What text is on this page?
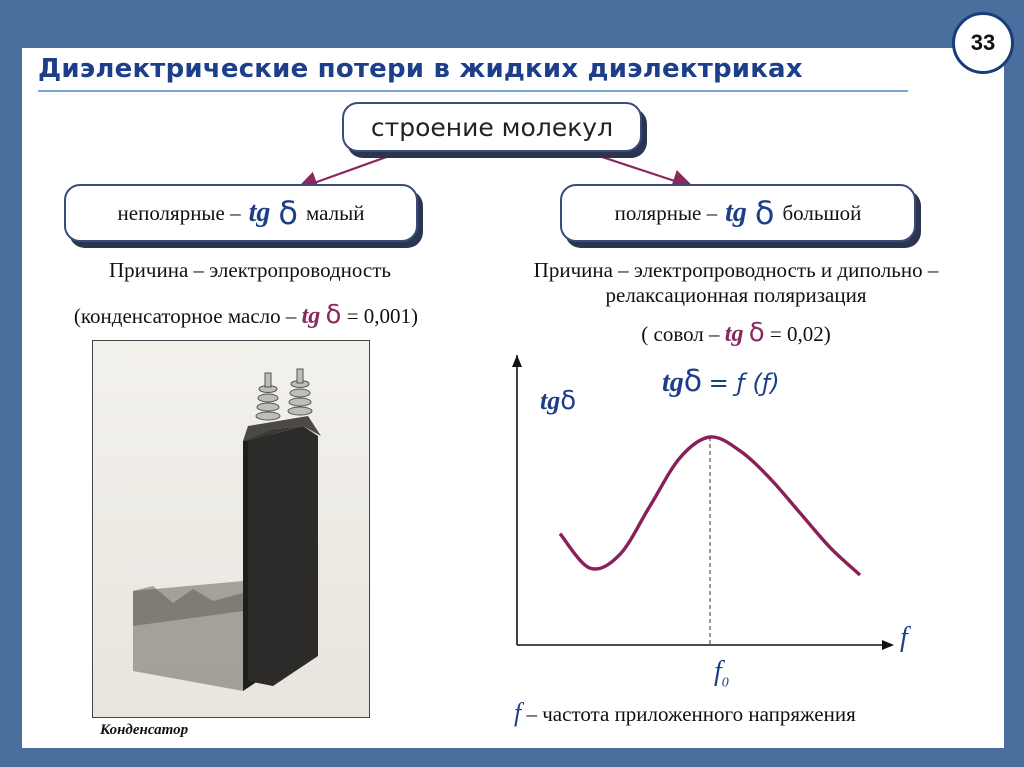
33
Диэлектрические потери в жидких диэлектриках
строение молекул
неполярные – tg δ малый	полярные – tg δ большой
Причина – электропроводность
(конденсаторное масло – tg δ = 0,001)
Причина – электропроводность и дипольно –
релаксационная поляризация
( совол – tg δ = 0,02)
Конденсатор
tgδ = ƒ (ƒ)
tgδ
f
$f_0$
f – частота приложенного напряжения
